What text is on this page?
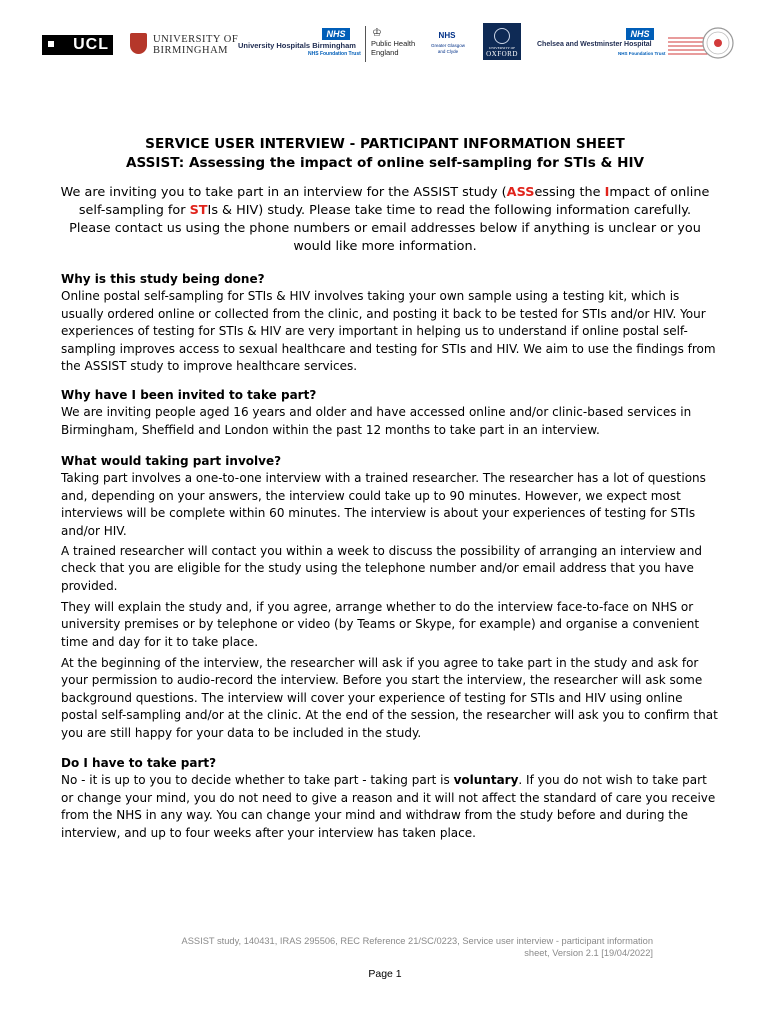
UCL	UNIVERSITY OF
BIRMINGHAM
NHS
University Hospitals Birmingham
NHS Foundation Trust
♔
Public Health
England
NHS
Greater Glasgow and Clyde
UNIVERSITY OF
OXFORD
NHS
Chelsea and Westminster Hospital
NHS Foundation Trust
SERVICE USER INTERVIEW - PARTICIPANT INFORMATION SHEET
ASSIST: Assessing the impact of online self-sampling for STIs & HIV
We are inviting you to take part in an interview for the ASSIST study (ASSessing the Impact of online self-sampling for STIs & HIV) study. Please take time to read the following information carefully. Please contact us using the phone numbers or email addresses below if anything is unclear or you would like more information.

Why is this study being done?

Online postal self-sampling for STIs & HIV involves taking your own sample using a testing kit, which is usually ordered online or collected from the clinic, and posting it back to be tested for STIs and/or HIV. Your experiences of testing for STIs & HIV are very important in helping us to understand if online postal self-sampling improves access to sexual healthcare and testing for STIs and HIV. We aim to use the findings from the ASSIST study to improve healthcare services.

Why have I been invited to take part?

We are inviting people aged 16 years and older and have accessed online and/or clinic-based services in Birmingham, Sheffield and London within the past 12 months to take part in an interview.

What would taking part involve?

Taking part involves a one-to-one interview with a trained researcher. The researcher has a lot of questions and, depending on your answers, the interview could take up to 90 minutes. However, we expect most interviews will be complete within 60 minutes. The interview is about your experiences of testing for STIs and/or HIV.

A trained researcher will contact you within a week to discuss the possibility of arranging an interview and check that you are eligible for the study using the telephone number and/or email address that you have provided.

They will explain the study and, if you agree, arrange whether to do the interview face-to-face on NHS or university premises or by telephone or video (by Teams or Skype, for example) and organise a convenient time and day for it to take place.

At the beginning of the interview, the researcher will ask if you agree to take part in the study and ask for your permission to audio-record the interview. Before you start the interview, the researcher will ask some background questions. The interview will cover your experience of testing for STIs and HIV using online postal self-sampling and/or at the clinic. At the end of the session, the researcher will ask you to confirm that you are still happy for your data to be included in the study.

Do I have to take part?

No - it is up to you to decide whether to take part - taking part is voluntary. If you do not wish to take part or change your mind, you do not need to give a reason and it will not affect the standard of care you receive from the NHS in any way. You can change your mind and withdraw from the study before and during the interview, and up to four weeks after your interview has taken place.

ASSIST study, 140431, IRAS 295506, REC Reference 21/SC/0223, Service user interview - participant information
sheet, Version 2.1 [19/04/2022]
Page 1
